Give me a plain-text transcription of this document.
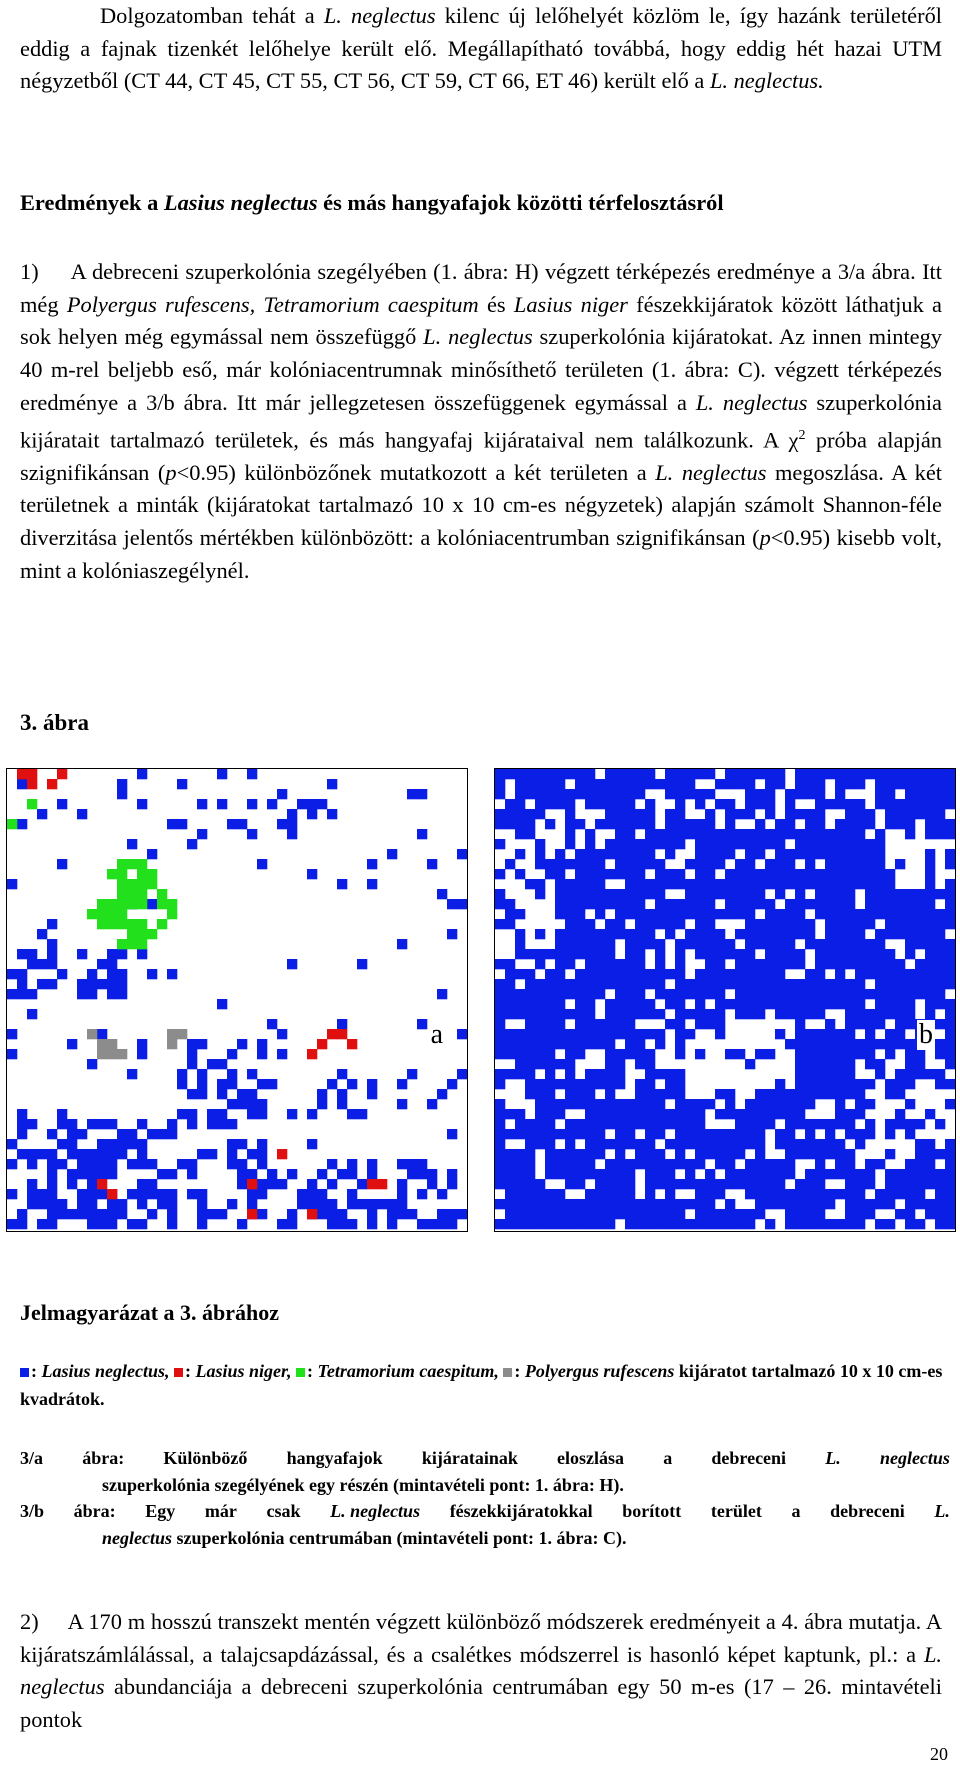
Dolgozatomban tehát a L. neglectus kilenc új lelőhelyét közlöm le, így hazánk területéről eddig a fajnak tizenkét lelőhelye került elő. Megállapítható továbbá, hogy eddig hét hazai UTM négyzetből (CT 44, CT 45, CT 55, CT 56, CT 59, CT 66, ET 46) került elő a L. neglectus.

Eredmények a Lasius neglectus és más hangyafajok közötti térfelosztásról

1)     A debreceni szuperkolónia szegélyében (1. ábra: H) végzett térképezés eredménye a 3/a ábra. Itt még Polyergus rufescens, Tetramorium caespitum és Lasius niger fészekkijáratok között láthatjuk a sok helyen még egymással nem összefüggő L. neglectus szuperkolónia kijáratokat. Az innen mintegy 40 m-rel beljebb eső, már kolóniacentrumnak minősíthető területen (1. ábra: C). végzett térképezés eredménye a 3/b ábra. Itt már jellegzetesen összefüggenek egymással a L. neglectus szuperkolónia kijáratait tartalmazó területek, és más hangyafaj kijárataival nem találkozunk. A $\chi^2$ próba alapján szignifikánsan (p<0.95) különbözőnek mutatkozott a két területen a L. neglectus megoszlása. A két területnek a minták (kijáratokat tartalmazó 10 x 10 cm-es négyzetek) alapján számolt Shannon-féle diverzitása jelentős mértékben különbözött: a kolóniacentrumban szignifikánsan (p<0.95) kisebb volt, mint a kolóniaszegélynél.

3. ábra

a	b

Jelmagyarázat a 3. ábrához

: Lasius neglectus, : Lasius niger, : Tetramorium caespitum, : Polyergus rufescens kijáratot tartalmazó 10 x 10 cm-es kvadrátok.

3/a ábra: Különböző hangyafajok kijáratainak eloszlása a debreceni L. neglectus
szuperkolónia szegélyének egy részén (mintavételi pont: 1. ábra: H).
3/b ábra: Egy már csak L. neglectus fészekkijáratokkal borított terület a debreceni L.
neglectus szuperkolónia centrumában (mintavételi pont: 1. ábra: C).

2)     A 170 m hosszú transzekt mentén végzett különböző módszerek eredményeit a 4. ábra mutatja. A kijáratszámlálással, a talajcsapdázással, és a csalétkes módszerrel is hasonló képet kaptunk, pl.: a L. neglectus abundanciája a debreceni szuperkolónia centrumában egy 50 m-es (17 – 26. mintavételi pontok

20
